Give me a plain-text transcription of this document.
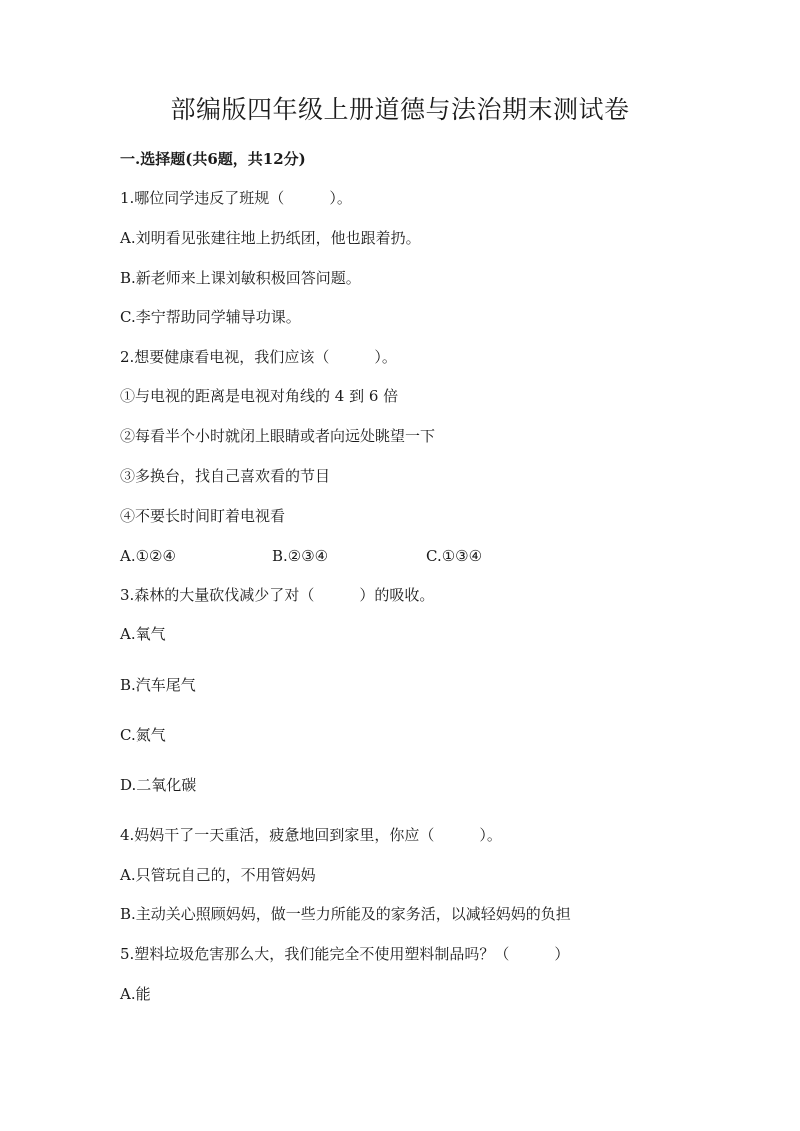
部编版四年级上册道德与法治期末测试卷
一.选择题(共6题，共12分)
1.哪位同学违反了班规（　　　）。
A.刘明看见张建往地上扔纸团，他也跟着扔。
B.新老师来上课刘敏积极回答问题。
C.李宁帮助同学辅导功课。
2.想要健康看电视，我们应该（　　　）。
①与电视的距离是电视对角线的 4 到 6 倍
②每看半个小时就闭上眼睛或者向远处眺望一下
③多换台，找自己喜欢看的节目
④不要长时间盯着电视看
A.①②④	B.②③④	C.①③④
3.森林的大量砍伐减少了对（　　　）的吸收。
A.氧气
B.汽车尾气
C.氮气
D.二氧化碳
4.妈妈干了一天重活，疲惫地回到家里，你应（　　　）。
A.只管玩自己的，不用管妈妈
B.主动关心照顾妈妈，做一些力所能及的家务活，以减轻妈妈的负担
5.塑料垃圾危害那么大，我们能完全不使用塑料制品吗？（　　　）
A.能
